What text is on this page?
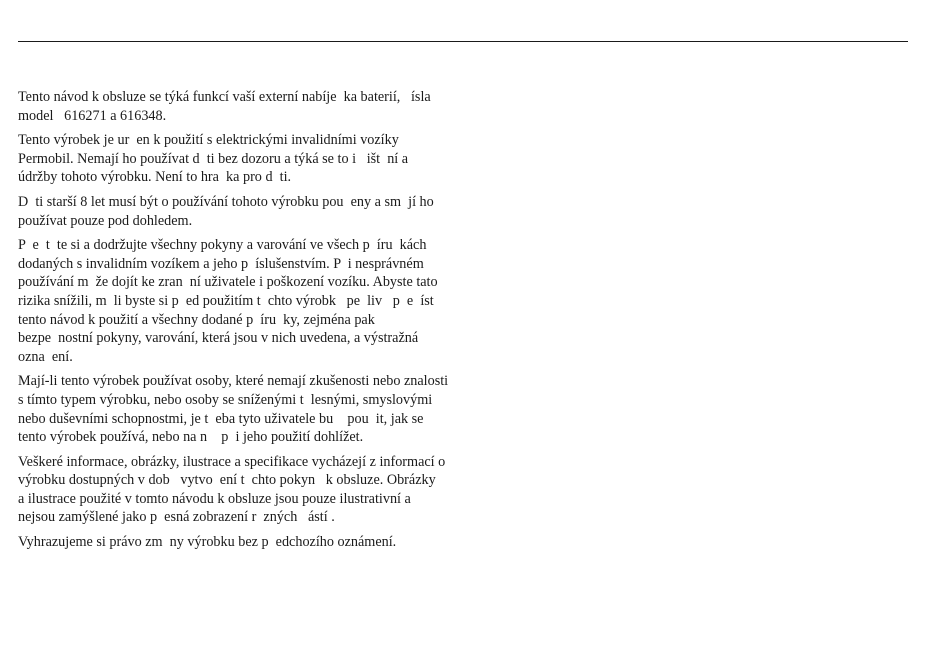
Tento návod k obsluze se týká funkcí vaší externí nabíje  ka baterií,   ísla
model   616271 a 616348.

Tento výrobek je ur  en k použití s elektrickými invalidními vozíky
Permobil. Nemají ho používat d  ti bez dozoru a týká se to i   išt  ní a
údržby tohoto výrobku. Není to hra  ka pro d  ti.

D  ti starší 8 let musí být o používání tohoto výrobku pou  eny a sm  jí ho
používat pouze pod dohledem.

P  e  t  te si a dodržujte všechny pokyny a varování ve všech p  íru  kách
dodaných s invalidním vozíkem a jeho p  íslušenstvím. P  i nesprávném
používání m  že dojít ke zran  ní uživatele i poškození vozíku. Abyste tato
rizika snížili, m  li byste si p  ed použitím t  chto výrobk   pe  liv   p  e  íst
tento návod k použití a všechny dodané p  íru  ky, zejména pak
bezpe  nostní pokyny, varování, která jsou v nich uvedena, a výstražná
ozna  ení.

Mají-li tento výrobek používat osoby, které nemají zkušenosti nebo znalosti
s tímto typem výrobku, nebo osoby se sníženými t  lesnými, smyslovými
nebo duševními schopnostmi, je t  eba tyto uživatele bu    pou  it, jak se
tento výrobek používá, nebo na n    p  i jeho použití dohlížet.

Veškeré informace, obrázky, ilustrace a specifikace vycházejí z informací o
výrobku dostupných v dob   vytvo  ení t  chto pokyn   k obsluze. Obrázky
a ilustrace použité v tomto návodu k obsluze jsou pouze ilustrativní a
nejsou zamýšlené jako p  esná zobrazení r  zných   ástí .

Vyhrazujeme si právo zm  ny výrobku bez p  edchozího oznámení.
